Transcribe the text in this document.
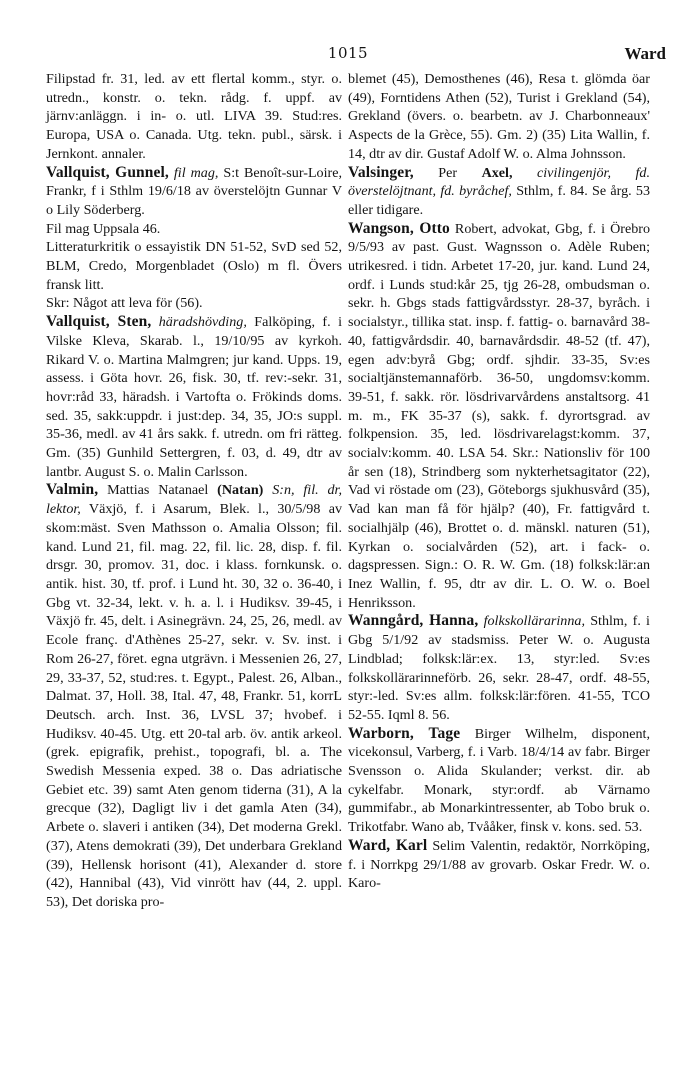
1015	Ward

Filipstad fr. 31, led. av ett flertal komm., styr. o. utredn., konstr. o. tekn. rådg. f. uppf. av järnv:anläggn. i in- o. utl. LIVA 39. Stud:res. Europa, USA o. Canada. Utg. tekn. publ., särsk. i Jernkont. annaler.

Vallquist, Gunnel, fil mag, S:t Benoît-sur-Loire, Frankr, f i Sthlm 19/6/18 av överstelöjtn Gunnar V o Lily Söderberg.

Fil mag Uppsala 46.

Litteraturkritik o essayistik DN 51-52, SvD sed 52, BLM, Credo, Morgenbladet (Oslo) m fl. Övers fransk litt.

Skr: Något att leva för (56).

Vallquist, Sten, häradshövding, Falköping, f. i Vilske Kleva, Skarab. l., 19/10/95 av kyrkoh. Rikard V. o. Martina Malmgren; jur kand. Upps. 19, assess. i Göta hovr. 26, fisk. 30, tf. rev:-sekr. 31, hovr:råd 33, häradsh. i Vartofta o. Frökinds doms. sed. 35, sakk:uppdr. i just:dep. 34, 35, JO:s suppl. 35-36, medl. av 41 års sakk. f. utredn. om fri rätteg. Gm. (35) Gunhild Settergren, f. 03, d. 49, dtr av lantbr. August S. o. Malin Carlsson.

Valmin, Mattias Natanael (Natan) S:n, fil. dr, lektor, Växjö, f. i Asarum, Blek. l., 30/5/98 av skom:mäst. Sven Mathsson o. Amalia Olsson; fil. kand. Lund 21, fil. mag. 22, fil. lic. 28, disp. f. fil. drsgr. 30, promov. 31, doc. i klass. fornkunsk. o. antik. hist. 30, tf. prof. i Lund ht. 30, 32 o. 36-40, i Gbg vt. 32-34, lekt. v. h. a. l. i Hudiksv. 39-45, i Växjö fr. 45, delt. i Asinegrävn. 24, 25, 26, medl. av Ecole franç. d'Athènes 25-27, sekr. v. Sv. inst. i Rom 26-27, föret. egna utgrävn. i Messenien 26, 27, 29, 33-37, 52, stud:res. t. Egypt., Palest. 26, Alban., Dalmat. 37, Holl. 38, Ital. 47, 48, Frankr. 51, korrL Deutsch. arch. Inst. 36, LVSL 37; hvobef. i Hudiksv. 40-45. Utg. ett 20-tal arb. öv. antik arkeol. (grek. epigrafik, prehist., topografi, bl. a. The Swedish Messenia exped. 38 o. Das adriatische Gebiet etc. 39) samt Aten genom tiderna (31), A la grecque (32), Dagligt liv i det gamla Aten (34), Arbete o. slaveri i antiken (34), Det moderna Grekl. (37), Atens demokrati (39), Det underbara Grekland (39), Hellensk horisont (41), Alexander d. store (42), Hannibal (43), Vid vinrött hav (44, 2. uppl. 53), Det doriska pro-

blemet (45), Demosthenes (46), Resa t. glömda öar (49), Forntidens Athen (52), Turist i Grekland (54), Grekland (övers. o. bearbetn. av J. Charbonneaux' Aspects de la Grèce, 55). Gm. 2) (35) Lita Wallin, f. 14, dtr av dir. Gustaf Adolf W. o. Alma Johnsson.

Valsinger, Per Axel, civilingenjör, fd. överstelöjtnant, fd. byråchef, Sthlm, f. 84. Se årg. 53 eller tidigare.

Wangson, Otto Robert, advokat, Gbg, f. i Örebro 9/5/93 av past. Gust. Wagnsson o. Adèle Ruben; utrikesred. i tidn. Arbetet 17-20, jur. kand. Lund 24, ordf. i Lunds stud:kår 25, tjg 26-28, ombudsman o. sekr. h. Gbgs stads fattigvårdsstyr. 28-37, byråch. i socialstyr., tillika stat. insp. f. fattig- o. barnavård 38-40, fattigvårdsdir. 40, barnavårdsdir. 48-52 (tf. 47), egen adv:byrå Gbg; ordf. sjhdir. 33-35, Sv:es socialtjänstemannaförb. 36-50, ungdomsv:komm. 39-51, f. sakk. rör. lösdrivarvårdens anstaltsorg. 41 m. m., FK 35-37 (s), sakk. f. dyrortsgrad. av folkpension. 35, led. lösdrivarelagst:komm. 37, socialv:komm. 40. LSA 54. Skr.: Nationsliv för 100 år sen (18), Strindberg som nykterhetsagitator (22), Vad vi röstade om (23), Göteborgs sjukhusvård (35), Vad kan man få för hjälp? (40), Fr. fattigvård t. socialhjälp (46), Brottet o. d. mänskl. naturen (51), Kyrkan o. socialvården (52), art. i fack- o. dagspressen. Sign.: O. R. W. Gm. (18) folksk:lär:an Inez Wallin, f. 95, dtr av dir. L. O. W. o. Boel Henriksson.

Wanngård, Hanna, folkskollärarinna, Sthlm, f. i Gbg 5/1/92 av stadsmiss. Peter W. o. Augusta Lindblad; folksk:lär:ex. 13, styr:led. Sv:es folkskollärarinneförb. 26, sekr. 28-47, ordf. 48-55, styr:-led. Sv:es allm. folksk:lär:fören. 41-55, TCO 52-55. Iqml 8. 56.

Warborn, Tage Birger Wilhelm, disponent, vicekonsul, Varberg, f. i Varb. 18/4/14 av fabr. Birger Svensson o. Alida Skulander; verkst. dir. ab cykelfabr. Monark, styr:ordf. ab Värnamo gummifabr., ab Monarkintressenter, ab Tobo bruk o. Trikotfabr. Wano ab, Tvååker, finsk v. kons. sed. 53.

Ward, Karl Selim Valentin, redaktör, Norrköping, f. i Norrkpg 29/1/88 av grovarb. Oskar Fredr. W. o. Karo-
